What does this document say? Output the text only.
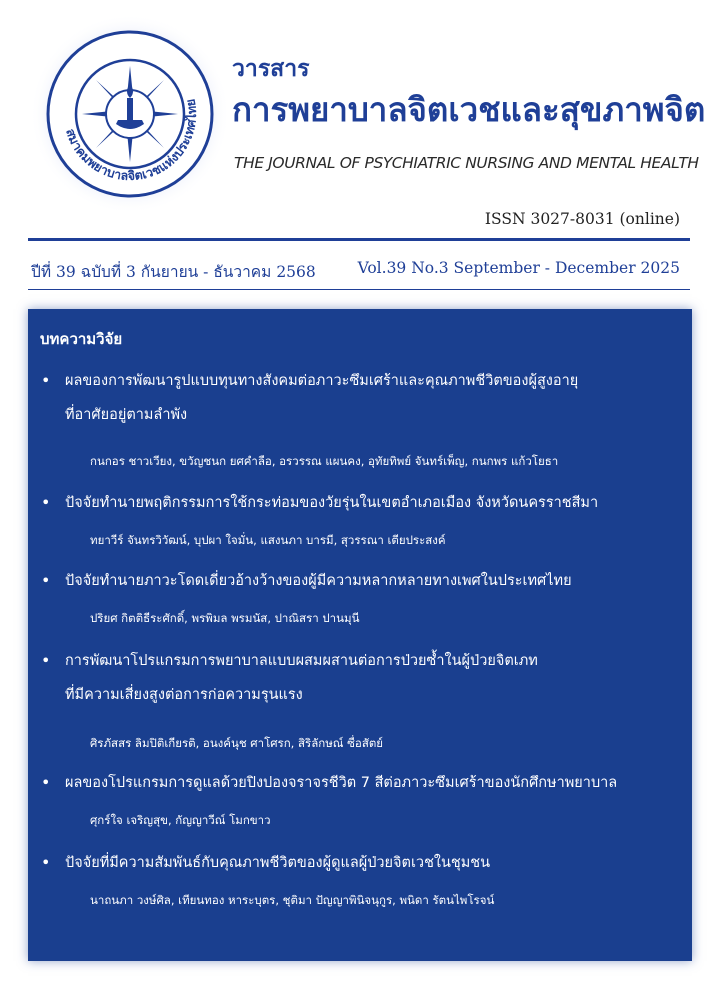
สมาคมพยาบาลจิตเวชแห่งประเทศไทย
วารสาร
การพยาบาลจิตเวชและสุขภาพจิต
THE JOURNAL OF PSYCHIATRIC NURSING AND MENTAL HEALTH
ISSN 3027-8031 (online)
ปีที่ 39 ฉบับที่ 3 กันยายน - ธันวาคม 2568	Vol.39 No.3 September - December 2025
บทความวิจัย
• ผลของการพัฒนารูปแบบทุนทางสังคมต่อภาวะซึมเศร้าและคุณภาพชีวิตของผู้สูงอายุ
ที่อาศัยอยู่ตามลำพัง
กนกอร ชาวเวียง, ขวัญชนก ยศคำลือ, อรวรรณ แผนคง, อุทัยทิพย์ จันทร์เพ็ญ, กนกพร แก้วโยธา
• ปัจจัยทำนายพฤติกรรมการใช้กระท่อมของวัยรุ่นในเขตอำเภอเมือง จังหวัดนครราชสีมา
ทยาวีร์ จันทรวิวัฒน์, บุปผา ใจมั่น, แสงนภา บารมี, สุวรรณา เตียประสงค์
• ปัจจัยทำนายภาวะโดดเดี่ยวอ้างว้างของผู้มีความหลากหลายทางเพศในประเทศไทย
ปริยศ กิตติธีระศักดิ์, พรพิมล พรมนัส, ปาณิสรา ปานมุนี
• การพัฒนาโปรแกรมการพยาบาลแบบผสมผสานต่อการป่วยซ้ำในผู้ป่วยจิตเภท
ที่มีความเสี่ยงสูงต่อการก่อความรุนแรง
ศิรภัสสร ลิมปิติเกียรติ, อนงค์นุช ศาโศรก, สิริลักษณ์ ซื่อสัตย์
• ผลของโปรแกรมการดูแลด้วยปิงปองจราจรชีวิต 7 สีต่อภาวะซึมเศร้าของนักศึกษาพยาบาล
ศุกร์ใจ เจริญสุข, กัญญาวีณ์ โมกขาว
• ปัจจัยที่มีความสัมพันธ์กับคุณภาพชีวิตของผู้ดูแลผู้ป่วยจิตเวชในชุมชน
นาถนภา วงษ์ศิล, เทียนทอง หาระบุตร, ชุติมา ปัญญาพินิจนุกูร, พนิดา รัตนไพโรจน์
